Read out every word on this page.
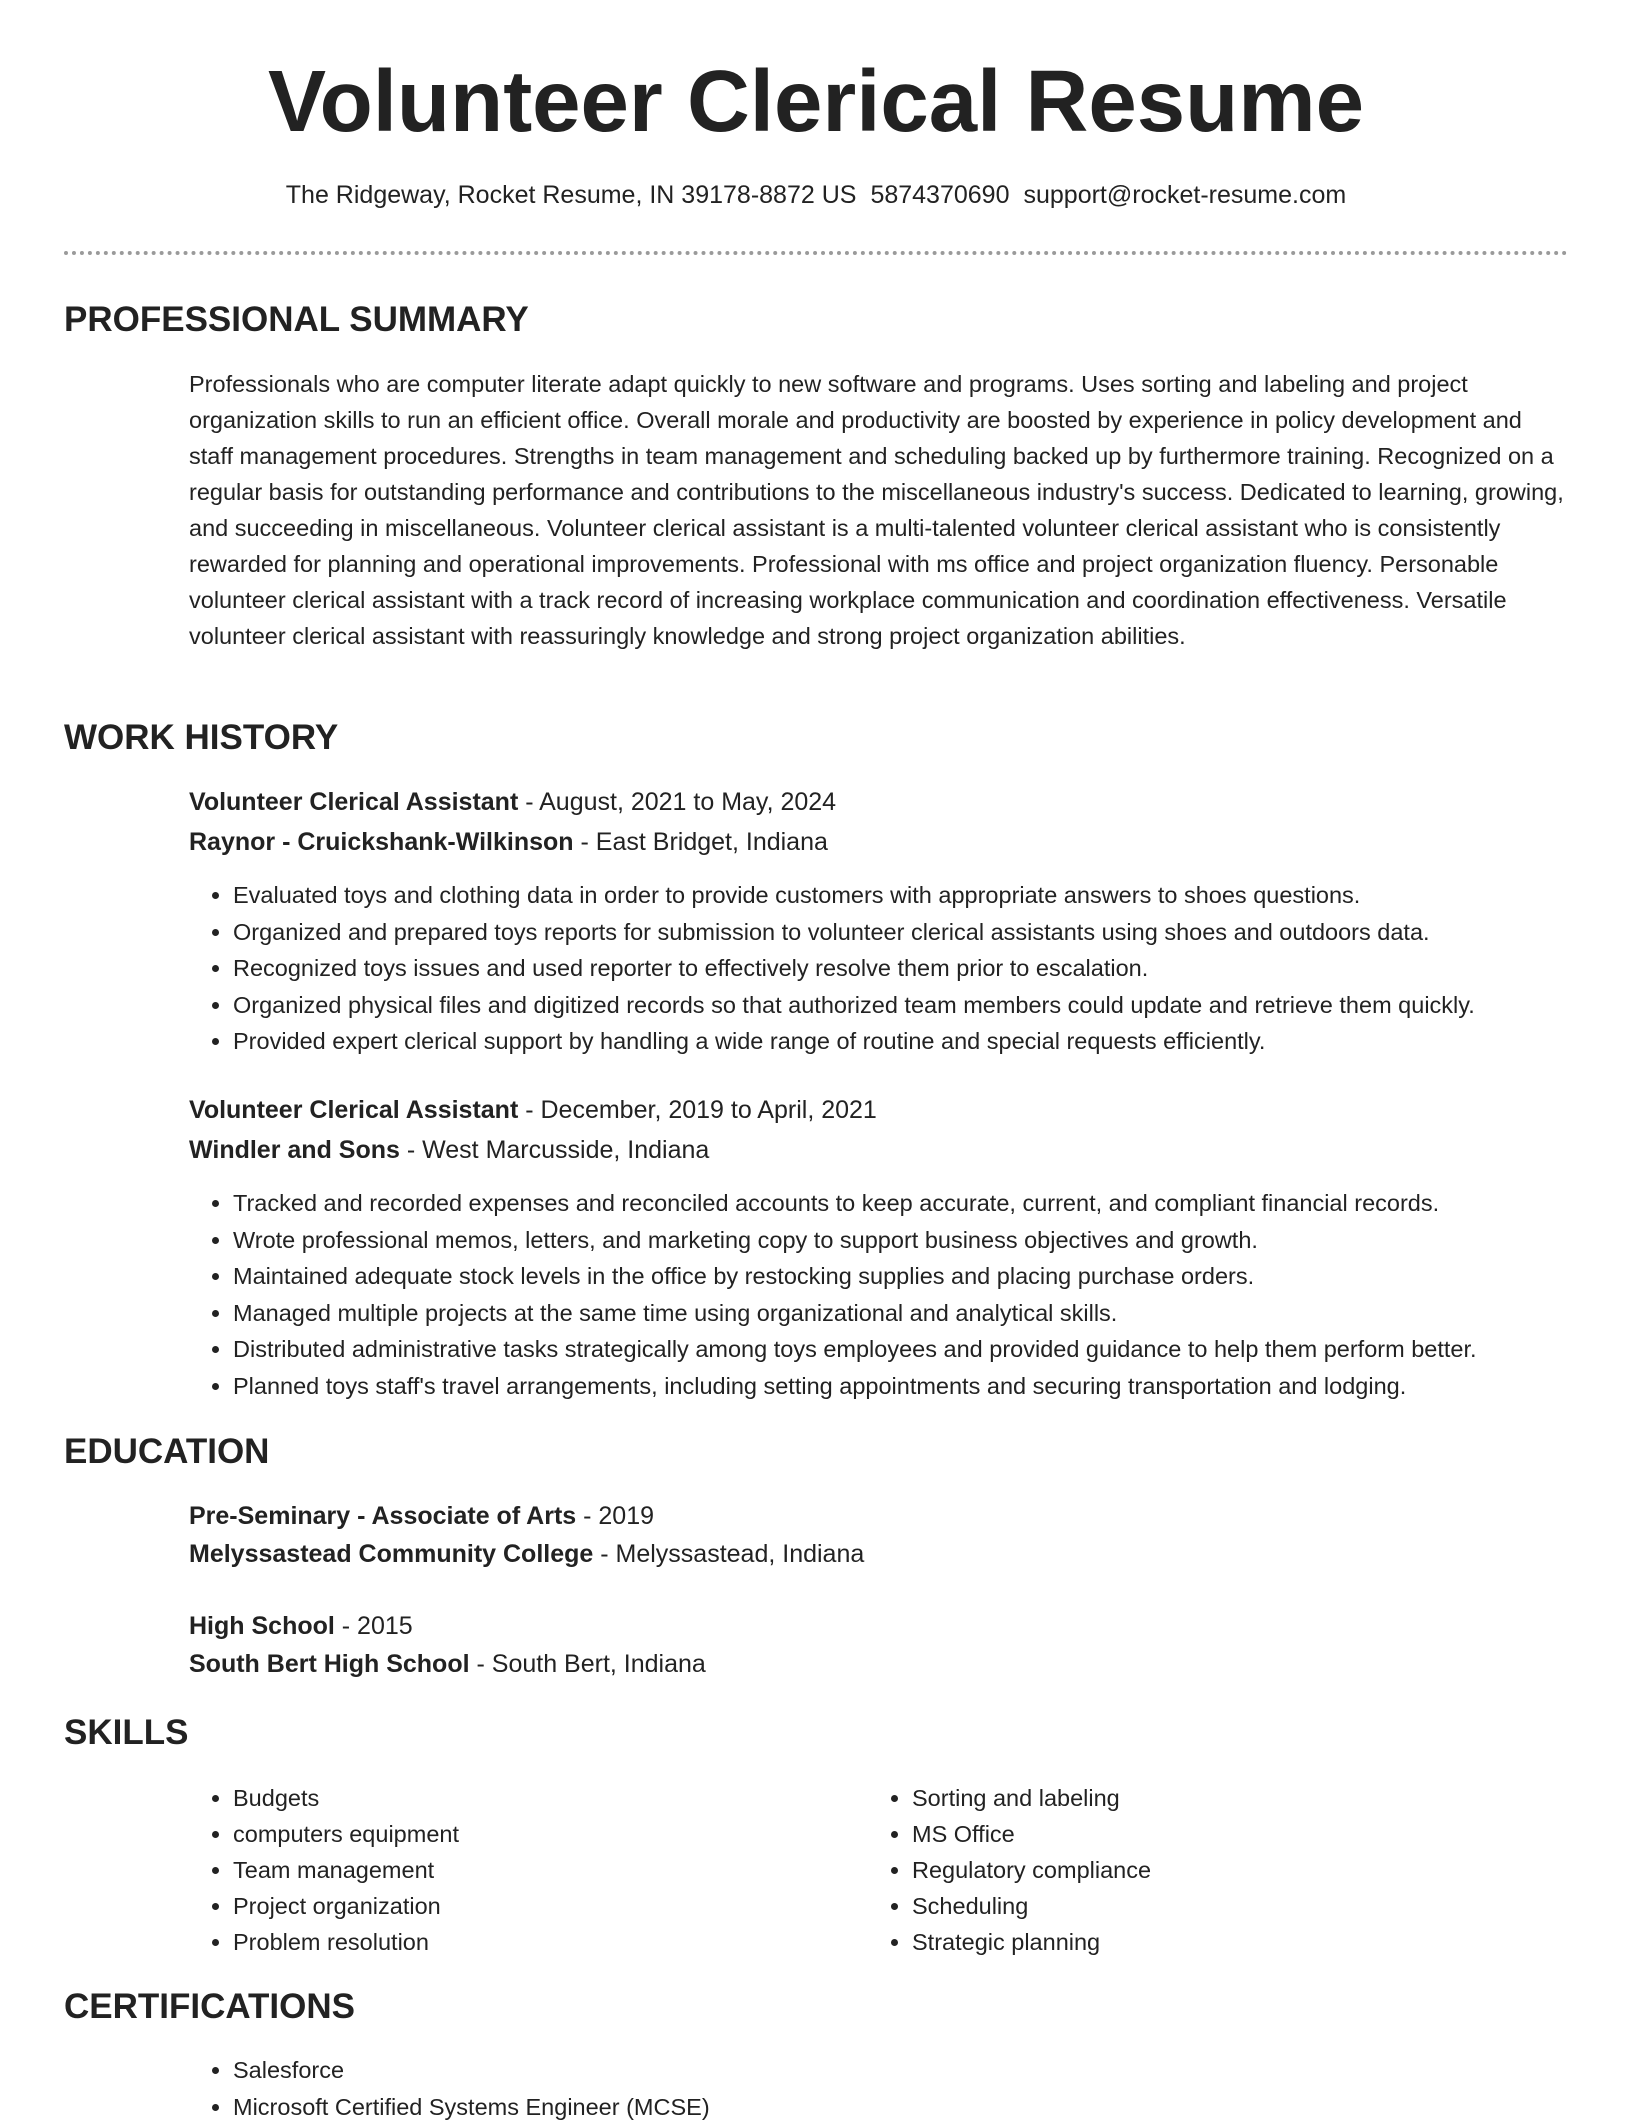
Volunteer Clerical Resume
The Ridgeway, Rocket Resume, IN 39178-8872 US 5874370690 support@rocket-resume.com
PROFESSIONAL SUMMARY

Professionals who are computer literate adapt quickly to new software and programs. Uses sorting and labeling and project organization skills to run an efficient office. Overall morale and productivity are boosted by experience in policy development and staff management procedures. Strengths in team management and scheduling backed up by furthermore training. Recognized on a regular basis for outstanding performance and contributions to the miscellaneous industry's success. Dedicated to learning, growing, and succeeding in miscellaneous. Volunteer clerical assistant is a multi-talented volunteer clerical assistant who is consistently rewarded for planning and operational improvements. Professional with ms office and project organization fluency. Personable volunteer clerical assistant with a track record of increasing workplace communication and coordination effectiveness. Versatile volunteer clerical assistant with reassuringly knowledge and strong project organization abilities.

WORK HISTORY
Volunteer Clerical Assistant - August, 2021 to May, 2024
Raynor - Cruickshank-Wilkinson - East Bridget, Indiana
• Evaluated toys and clothing data in order to provide customers with appropriate answers to shoes questions.
• Organized and prepared toys reports for submission to volunteer clerical assistants using shoes and outdoors data.
• Recognized toys issues and used reporter to effectively resolve them prior to escalation.
• Organized physical files and digitized records so that authorized team members could update and retrieve them quickly.
• Provided expert clerical support by handling a wide range of routine and special requests efficiently.
Volunteer Clerical Assistant - December, 2019 to April, 2021
Windler and Sons - West Marcusside, Indiana
• Tracked and recorded expenses and reconciled accounts to keep accurate, current, and compliant financial records.
• Wrote professional memos, letters, and marketing copy to support business objectives and growth.
• Maintained adequate stock levels in the office by restocking supplies and placing purchase orders.
• Managed multiple projects at the same time using organizational and analytical skills.
• Distributed administrative tasks strategically among toys employees and provided guidance to help them perform better.
• Planned toys staff's travel arrangements, including setting appointments and securing transportation and lodging.
EDUCATION
Pre-Seminary - Associate of Arts - 2019
Melyssastead Community College - Melyssastead, Indiana
High School - 2015
South Bert High School - South Bert, Indiana
SKILLS
• Budgets
• computers equipment
• Team management
• Project organization
• Problem resolution
• Sorting and labeling
• MS Office
• Regulatory compliance
• Scheduling
• Strategic planning
CERTIFICATIONS
• Salesforce
• Microsoft Certified Systems Engineer (MCSE)
